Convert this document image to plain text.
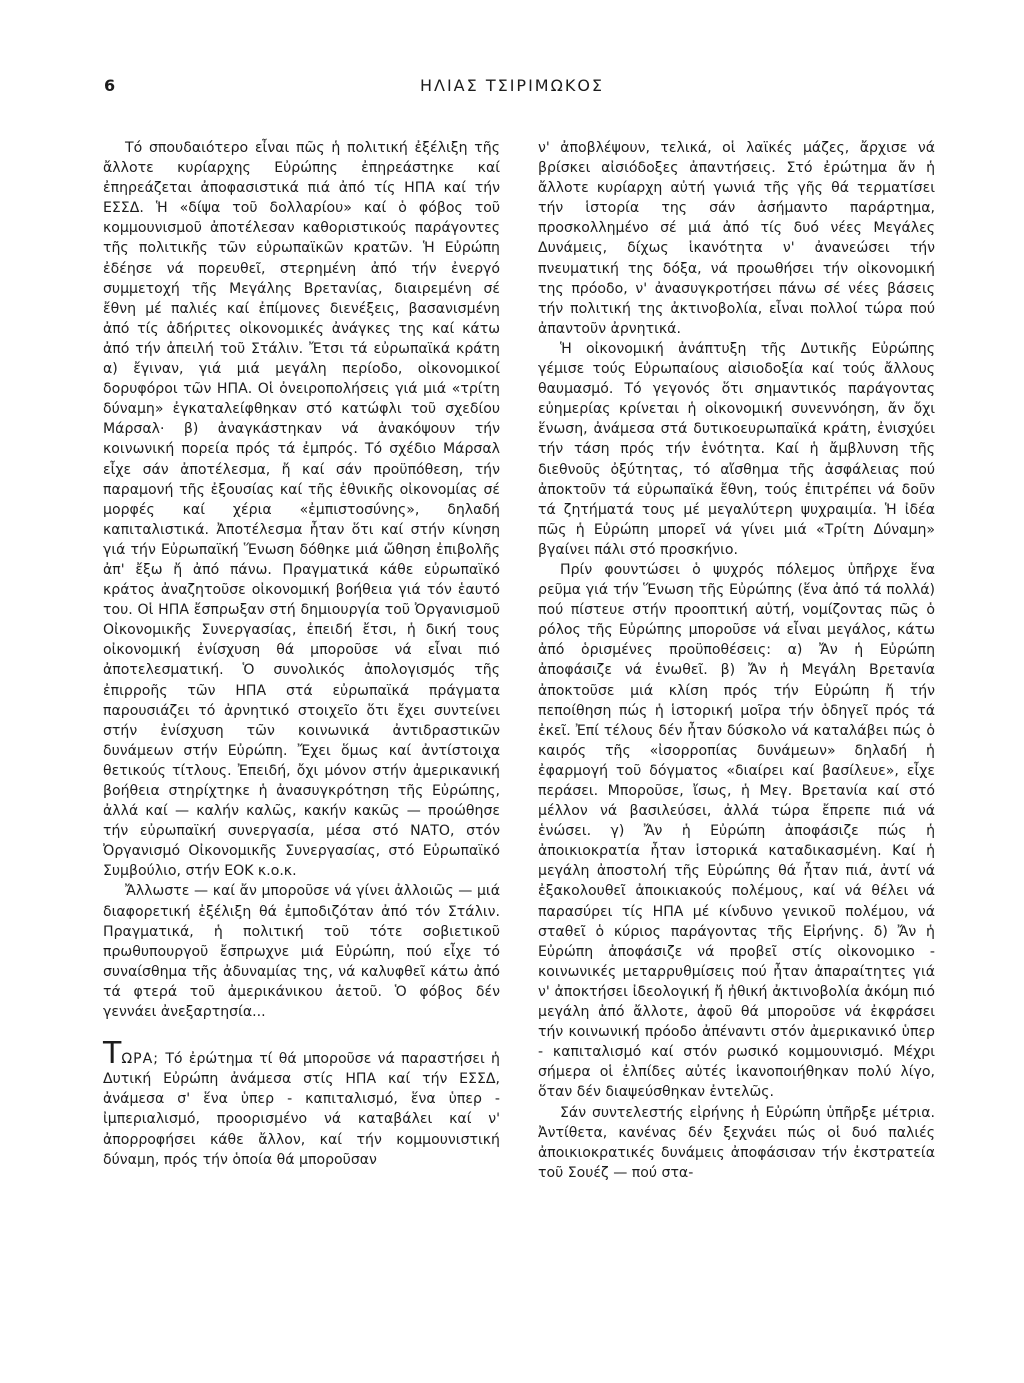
6	ΗΛΙΑΣ ΤΣΙΡΙΜΩΚΟΣ

Τό σπουδαιότερο εἶναι πῶς ἡ πολιτική ἐξέλιξη τῆς ἄλλοτε κυρίαρχης Εὐρώπης ἐπηρεάστηκε καί ἐπηρεάζεται ἀποφασιστικά πιά ἀπό τίς ΗΠΑ καί τήν ΕΣΣΔ. Ἡ «δίψα τοῦ δολλαρίου» καί ὁ φόβος τοῦ κομμουνισμοῦ ἀποτέλεσαν καθοριστικούς παράγοντες τῆς πολιτικῆς τῶν εὐρωπαϊκῶν κρατῶν. Ἡ Εὐρώπη ἐδέησε νά πορευθεῖ, στερημένη ἀπό τήν ἐνεργό συμμετοχή τῆς Μεγάλης Βρετανίας, διαιρεμένη σέ ἔθνη μέ παλιές καί ἐπίμονες διενέξεις, βασανισμένη ἀπό τίς ἀδήριτες οἰκονομικές ἀνάγκες της καί κάτω ἀπό τήν ἀπειλή τοῦ Στάλιν. Ἔτσι τά εὐρωπαϊκά κράτη α) ἔγιναν, γιά μιά μεγάλη περίοδο, οἰκονομικοί δορυφόροι τῶν ΗΠΑ. Οἱ ὀνειροπολήσεις γιά μιά «τρίτη δύναμη» ἐγκαταλείφθηκαν στό κατώφλι τοῦ σχεδίου Μάρσαλ· β) ἀναγκάστηκαν νά ἀνακόψουν τήν κοινωνική πορεία πρός τά ἐμπρός. Τό σχέδιο Μάρσαλ εἶχε σάν ἀποτέλεσμα, ἤ καί σάν προϋπόθεση, τήν παραμονή τῆς ἐξουσίας καί τῆς ἐθνικῆς οἰκονομίας σέ μορφές καί χέρια «ἐμπιστοσύνης», δηλαδή καπιταλιστικά. Ἀποτέλεσμα ἦταν ὅτι καί στήν κίνηση γιά τήν Εὐρωπαϊκή Ἕνωση δόθηκε μιά ὤθηση ἐπιβολῆς ἀπ' ἔξω ἤ ἀπό πάνω. Πραγματικά κάθε εὐρωπαϊκό κράτος ἀναζητοῦσε οἰκονομική βοήθεια γιά τόν ἑαυτό του. Οἱ ΗΠΑ ἔσπρωξαν στή δημιουργία τοῦ Ὀργανισμοῦ Οἰκονομικῆς Συνεργασίας, ἐπειδή ἔτσι, ἡ δική τους οἰκονομική ἐνίσχυση θά μποροῦσε νά εἶναι πιό ἀποτελεσματική. Ὁ συνολικός ἀπολογισμός τῆς ἐπιρροῆς τῶν ΗΠΑ στά εὐρωπαϊκά πράγματα παρουσιάζει τό ἀρνητικό στοιχεῖο ὅτι ἔχει συντείνει στήν ἐνίσχυση τῶν κοινωνικά ἀντιδραστικῶν δυνάμεων στήν Εὐρώπη. Ἔχει ὅμως καί ἀντίστοιχα θετικούς τίτλους. Ἐπειδή, ὄχι μόνον στήν ἀμερικανική βοήθεια στηρίχτηκε ἡ ἀνασυγκρότηση τῆς Εὐρώπης, ἀλλά καί — καλήν καλῶς, κακήν κακῶς — προώθησε τήν εὐρωπαϊκή συνεργασία, μέσα στό ΝΑΤΟ, στόν Ὀργανισμό Οἰκονομικῆς Συνεργασίας, στό Εὐρωπαϊκό Συμβούλιο, στήν ΕΟΚ κ.ο.κ.

Ἄλλωστε — καί ἄν μποροῦσε νά γίνει ἀλλοιῶς — μιά διαφορετική ἐξέλιξη θά ἐμποδιζόταν ἀπό τόν Στάλιν. Πραγματικά, ἡ πολιτική τοῦ τότε σοβιετικοῦ πρωθυπουργοῦ ἔσπρωχνε μιά Εὐρώπη, πού εἶχε τό συναίσθημα τῆς ἀδυναμίας της, νά καλυφθεῖ κάτω ἀπό τά φτερά τοῦ ἀμερικάνικου ἀετοῦ. Ὁ φόβος δέν γεννάει ἀνεξαρτησία...

ΤΩΡΑ; Τό ἐρώτημα τί θά μποροῦσε νά παραστήσει ἡ Δυτική Εὐρώπη ἀνάμεσα στίς ΗΠΑ καί τήν ΕΣΣΔ, ἀνάμεσα σ' ἕνα ὑπερ - καπιταλισμό, ἕνα ὑπερ - ἰμπεριαλισμό, προορισμένο νά καταβάλει καί ν' ἀπορροφήσει κάθε ἄλλον, καί τήν κομμουνιστική δύναμη, πρός τήν ὁποία θά μποροῦσαν

ν' ἀποβλέψουν, τελικά, οἱ λαϊκές μάζες, ἄρχισε νά βρίσκει αἰσιόδοξες ἀπαντήσεις. Στό ἐρώτημα ἄν ἡ ἄλλοτε κυρίαρχη αὐτή γωνιά τῆς γῆς θά τερματίσει τήν ἱστορία της σάν ἀσήμαντο παράρτημα, προσκολλημένο σέ μιά ἀπό τίς δυό νέες Μεγάλες Δυνάμεις, δίχως ἱκανότητα ν' ἀνανεώσει τήν πνευματική της δόξα, νά προωθήσει τήν οἰκονομική της πρόοδο, ν' ἀνασυγκροτήσει πάνω σέ νέες βάσεις τήν πολιτική της ἀκτινοβολία, εἶναι πολλοί τώρα πού ἀπαντοῦν ἀρνητικά.

Ἡ οἰκονομική ἀνάπτυξη τῆς Δυτικῆς Εὐρώπης γέμισε τούς Εὐρωπαίους αἰσιοδοξία καί τούς ἄλλους θαυμασμό. Τό γεγονός ὅτι σημαντικός παράγοντας εὐημερίας κρίνεται ἡ οἰκονομική συνεννόηση, ἄν ὄχι ἕνωση, ἀνάμεσα στά δυτικοευρωπαϊκά κράτη, ἐνισχύει τήν τάση πρός τήν ἑνότητα. Καί ἡ ἄμβλυνση τῆς διεθνοῦς ὀξύτητας, τό αἴσθημα τῆς ἀσφάλειας πού ἀποκτοῦν τά εὐρωπαϊκά ἔθνη, τούς ἐπιτρέπει νά δοῦν τά ζητήματά τους μέ μεγαλύτερη ψυχραιμία. Ἡ ἰδέα πῶς ἡ Εὐρώπη μπορεῖ νά γίνει μιά «Τρίτη Δύναμη» βγαίνει πάλι στό προσκήνιο.

Πρίν φουντώσει ὁ ψυχρός πόλεμος ὑπῆρχε ἕνα ρεῦμα γιά τήν Ἕνωση τῆς Εὐρώπης (ἕνα ἀπό τά πολλά) πού πίστευε στήν προοπτική αὐτή, νομίζοντας πῶς ὁ ρόλος τῆς Εὐρώπης μποροῦσε νά εἶναι μεγάλος, κάτω ἀπό ὁρισμένες προϋποθέσεις: α) Ἄν ἡ Εὐρώπη ἀποφάσιζε νά ἑνωθεῖ. β) Ἄν ἡ Μεγάλη Βρετανία ἀποκτοῦσε μιά κλίση πρός τήν Εὐρώπη ἤ τήν πεποίθηση πώς ἡ ἱστορική μοῖρα τήν ὁδηγεῖ πρός τά ἐκεῖ. Ἐπί τέλους δέν ἦταν δύσκολο νά καταλάβει πώς ὁ καιρός τῆς «ἰσορροπίας δυνάμεων» δηλαδή ἡ ἐφαρμογή τοῦ δόγματος «διαίρει καί βασίλευε», εἶχε περάσει. Μποροῦσε, ἴσως, ἡ Μεγ. Βρετανία καί στό μέλλον νά βασιλεύσει, ἀλλά τώρα ἔπρεπε πιά νά ἑνώσει. γ) Ἄν ἡ Εὐρώπη ἀποφάσιζε πώς ἡ ἀποικιοκρατία ἦταν ἱστορικά καταδικασμένη. Καί ἡ μεγάλη ἀποστολή τῆς Εὐρώπης θά ἦταν πιά, ἀντί νά ἐξακολουθεῖ ἀποικιακούς πολέμους, καί νά θέλει νά παρασύρει τίς ΗΠΑ μέ κίνδυνο γενικοῦ πολέμου, νά σταθεῖ ὁ κύριος παράγοντας τῆς Εἰρήνης. δ) Ἄν ἡ Εὐρώπη ἀποφάσιζε νά προβεῖ στίς οἰκονομικο - κοινωνικές μεταρρυθμίσεις πού ἦταν ἀπαραίτητες γιά ν' ἀποκτήσει ἰδεολογική ἤ ἠθική ἀκτινοβολία ἀκόμη πιό μεγάλη ἀπό ἄλλοτε, ἀφοῦ θά μποροῦσε νά ἐκφράσει τήν κοινωνική πρόοδο ἀπέναντι στόν ἀμερικανικό ὑπερ - καπιταλισμό καί στόν ρωσικό κομμουνισμό. Μέχρι σήμερα οἱ ἐλπίδες αὐτές ἱκανοποιήθηκαν πολύ λίγο, ὅταν δέν διαψεύσθηκαν ἐντελῶς.

Σάν συντελεστής εἰρήνης ἡ Εὐρώπη ὑπῆρξε μέτρια. Ἀντίθετα, κανένας δέν ξεχνάει πώς οἱ δυό παλιές ἀποικιοκρατικές δυνάμεις ἀποφάσισαν τήν ἐκστρατεία τοῦ Σουέζ — πού στα-
